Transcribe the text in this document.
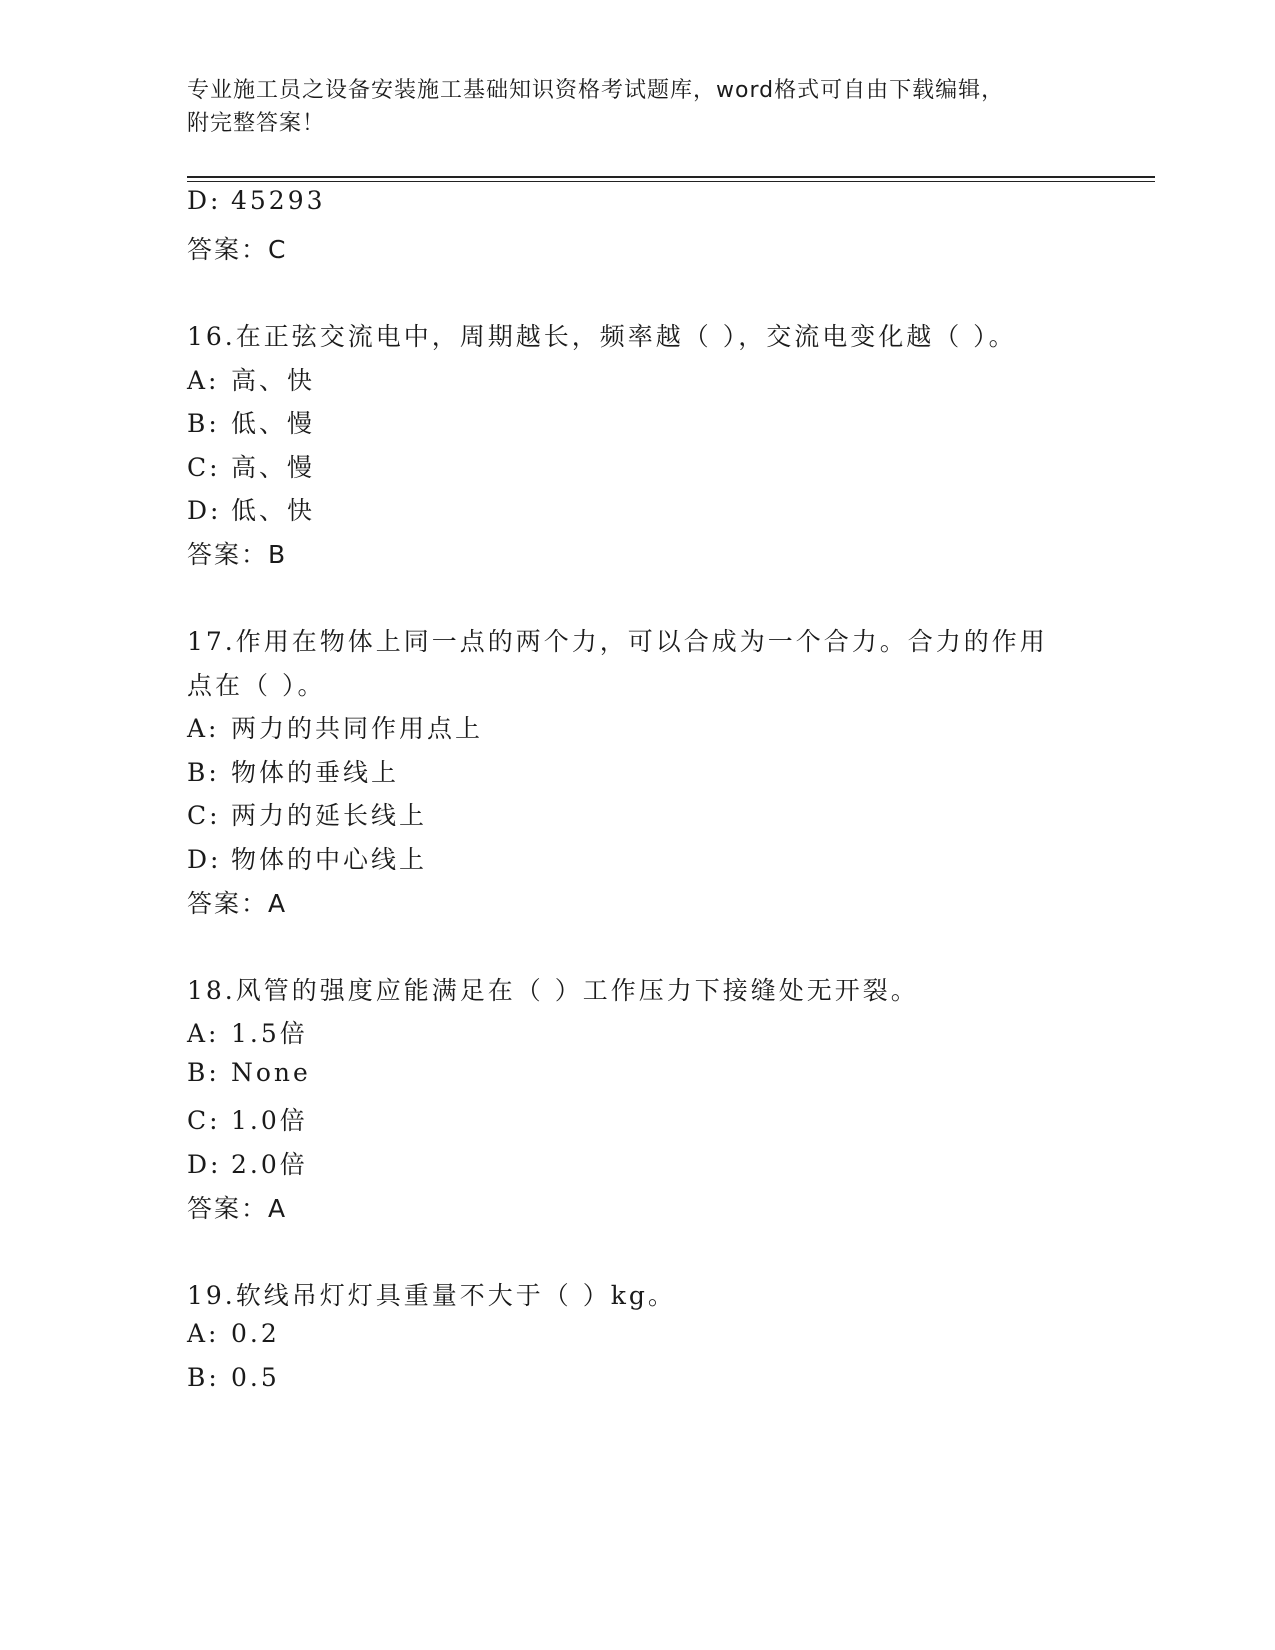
专业施工员之设备安装施工基础知识资格考试题库，word格式可自由下载编辑，
附完整答案！
D: 45293
答案：C
16.在正弦交流电中，周期越长，频率越（ ），交流电变化越（ ）。
A: 高、快
B: 低、慢
C: 高、慢
D: 低、快
答案：B
17.作用在物体上同一点的两个力，可以合成为一个合力。合力的作用
点在（ ）。
A: 两力的共同作用点上
B: 物体的垂线上
C: 两力的延长线上
D: 物体的中心线上
答案：A
18.风管的强度应能满足在（ ）工作压力下接缝处无开裂。
A: 1.5倍
B: None
C: 1.0倍
D: 2.0倍
答案：A
19.软线吊灯灯具重量不大于（ ）kg。
A: 0.2
B: 0.5
